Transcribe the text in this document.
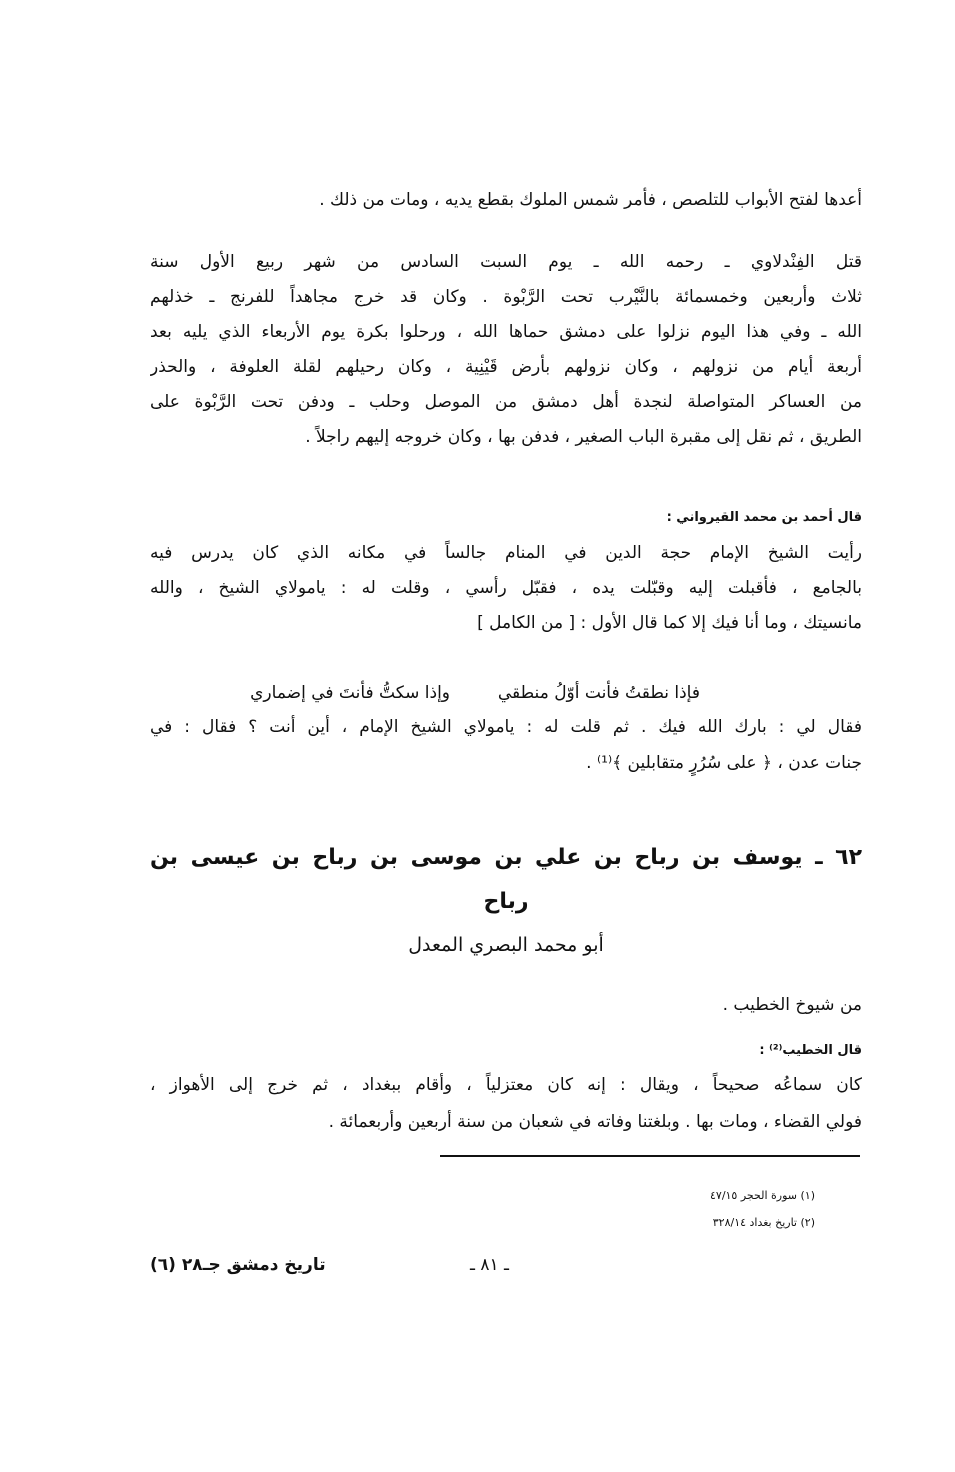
أعدها لفتح الأبواب للتلصص ، فأمر شمس الملوك بقطع يديه ، ومات من ذلك .
قتل الفِنْدلاوي ـ رحمه الله ـ يوم السبت السادس من شهر ربيع الأول سنة
ثلاث وأربعين وخمسمائة بالنَّيْرب تحت الرَّبْوة . وكان قد خرج مجاهداً للفرنج ـ خذلهم
الله ـ وفي هذا اليوم نزلوا على دمشق حماها الله ، ورحلوا بكرة يوم الأربعاء الذي يليه بعد
أربعة أيام من نزولهم ، وكان نزولهم بأرض قَيْنِية ، وكان رحيلهم لقلة العلوفة ، والحذر
من العساكر المتواصلة لنجدة أهل دمشق من الموصل وحلب ـ ودفن تحت الرَّبْوة على
الطريق ، ثم نقل إلى مقبرة الباب الصغير ، فدفن بها ، وكان خروجه إليهم راجلاً .
قال أحمد بن محمد القيرواني :
رأيت الشيخ الإمام حجة الدين في المنام جالساً في مكانه الذي كان يدرس فيه
بالجامع ، فأقبلت إليه وقبّلت يده ، فقبّل رأسي ، وقلت له : يامولاي الشيخ ، والله
مانسيتك ، وما أنا فيك إلا كما قال الأول : [ من الكامل ]
فإذا نطقتُ فأنت أوّلُ منطقي
وإذا سكتُّ فأنتَ في إضماري
فقال لي : بارك الله فيك . ثم قلت له : يامولاي الشيخ الإمام ، أين أنت ؟ فقال : في
جنات عدن ، ﴿ على سُرُرٍ متقابلين ﴾⁽¹⁾ .
٦٢ ـ يوسف بن رباح بن علي بن موسى بن رباح بن عيسى بن
رباح
أبو محمد البصري المعدل
من شيوخ الخطيب .
قال الخطيب⁽²⁾ :
كان سماعُه صحيحاً ، ويقال : إنه كان معتزلياً ، وأقام ببغداد ، ثم خرج إلى الأهواز ،
فولي القضاء ، ومات بها . وبلغتنا وفاته في شعبان من سنة أربعين وأربعمائة .
(١) سورة الحجر ٤٧/١٥
(٢) تاريخ بغداد ٣٢٨/١٤
ـ ٨١ ـ
تاريخ دمشق جـ٢٨ (٦)
